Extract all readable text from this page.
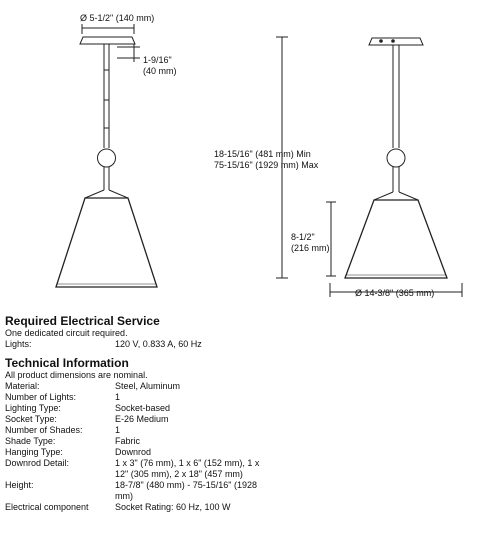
Ø 5-1/2" (140 mm)
1-9/16"
(40 mm)
18-15/16" (481 mm) Min
75-15/16" (1929 mm) Max
8-1/2"
(216 mm)
Ø 14-3/8" (365 mm)

Required Electrical Service

One dedicated circuit required.

Lights:	120 V, 0.833 A, 60 Hz

Technical Information

All product dimensions are nominal.

Material:	Steel, Aluminum
Number of Lights:	1
Lighting Type:	Socket-based
Socket Type:	E-26 Medium
Number of Shades:	1
Shade Type:	Fabric
Hanging Type:	Downrod
Downrod Detail:	1 x 3" (76 mm), 1 x 6" (152 mm), 1 x 12" (305 mm), 2 x 18" (457 mm)
Height:	18-7/8" (480 mm) - 75-15/16" (1928 mm)
Electrical component	Socket Rating: 60 Hz, 100 W
